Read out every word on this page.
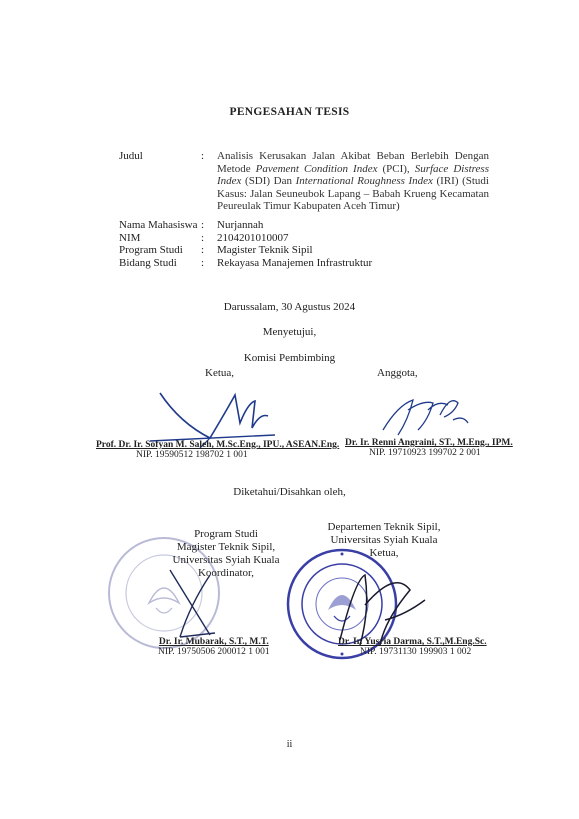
PENGESAHAN TESIS
Judul	:	Analisis Kerusakan Jalan Akibat Beban Berlebih Dengan Metode Pavement Condition Index (PCI), Surface Distress Index (SDI) Dan International Roughness Index (IRI) (Studi Kasus: Jalan Seuneubok Lapang – Babah Krueng Kecamatan Peureulak Timur Kabupaten Aceh Timur)
Nama Mahasiswa :	Nurjannah
NIM	:	2104201010007
Program Studi	:	Magister Teknik Sipil
Bidang Studi	:	Rekayasa Manajemen Infrastruktur
Darussalam, 30 Agustus 2024
Menyetujui,
Komisi Pembimbing
Ketua,
Prof. Dr. Ir. Sofyan M. Saleh, M.Sc.Eng., IPU., ASEAN.Eng.
NIP. 19590512 198702 1 001
Anggota,
Dr. Ir. Renni Angraini, ST., M.Eng., IPM.
NIP. 19710923 199702 2 001
Diketahui/Disahkan oleh,
Program Studi
Magister Teknik Sipil,
Universitas Syiah Kuala
Koordinator,
Dr. Ir. Mubarak, S.T., M.T.
NIP. 19750506 200012 1 001
Departemen Teknik Sipil,
Universitas Syiah Kuala
Ketua,
Dr. Ir. Yusria Darma, S.T.,M.Eng.Sc.
NIP. 19731130 199903 1 002
ii
